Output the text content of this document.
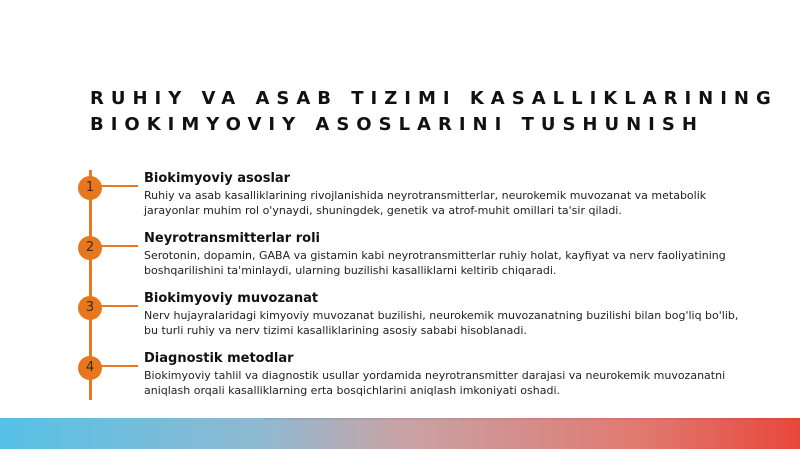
RUHIY VA ASAB TIZIMI KASALLIKLARINING
BIOKIMYOVIY ASOSLARINI TUSHUNISH
1

Biokimyoviy asoslar

Ruhiy va asab kasalliklarining rivojlanishida neyrotransmitterlar, neurokemik muvozanat va metabolik jarayonlar muhim rol o'ynaydi, shuningdek, genetik va atrof-muhit omillari ta'sir qiladi.

2

Neyrotransmitterlar roli

Serotonin, dopamin, GABA va gistamin kabi neyrotransmitterlar ruhiy holat, kayfiyat va nerv faoliyatining boshqarilishini ta'minlaydi, ularning buzilishi kasalliklarni keltirib chiqaradi.

3

Biokimyoviy muvozanat

Nerv hujayralaridagi kimyoviy muvozanat buzilishi, neurokemik muvozanatning buzilishi bilan bog'liq bo'lib, bu turli ruhiy va nerv tizimi kasalliklarining asosiy sababi hisoblanadi.

4

Diagnostik metodlar

Biokimyoviy tahlil va diagnostik usullar yordamida neyrotransmitter darajasi va neurokemik muvozanatni aniqlash orqali kasalliklarning erta bosqichlarini aniqlash imkoniyati oshadi.
